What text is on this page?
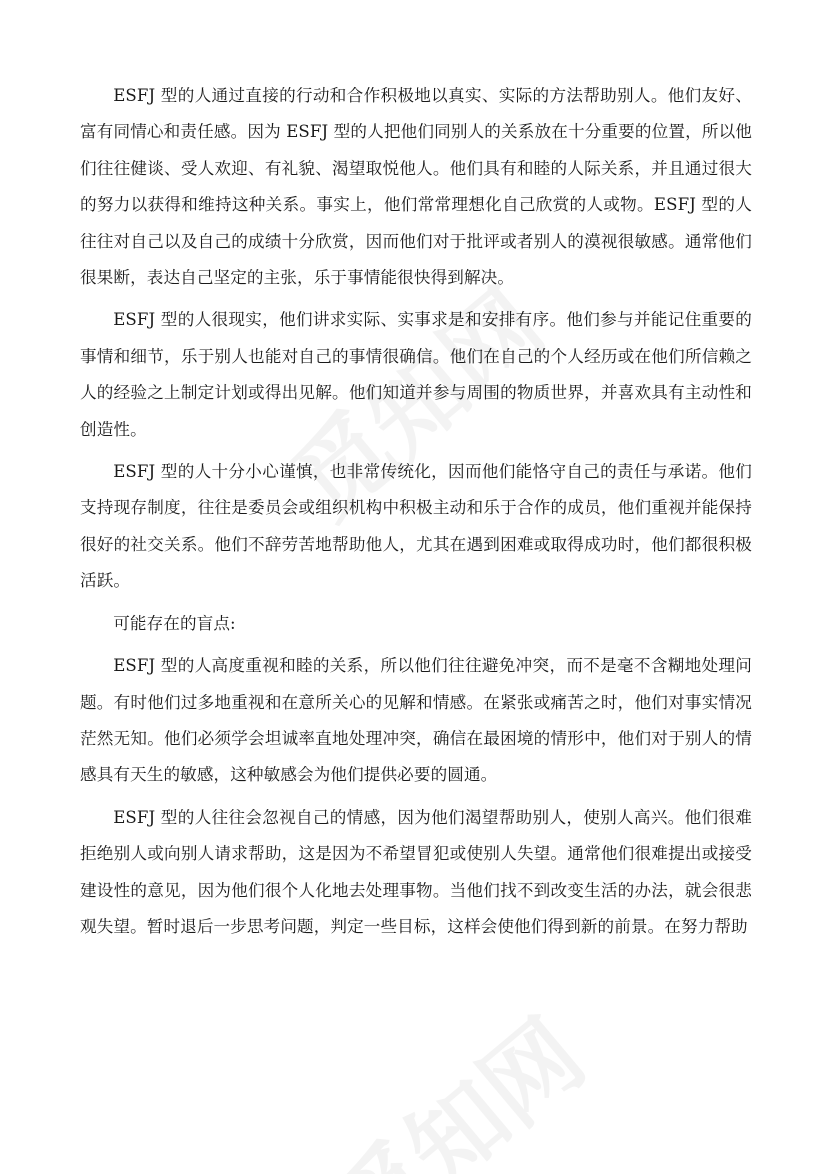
ESFJ 型的人通过直接的行动和合作积极地以真实、实际的方法帮助别人。他们友好、富有同情心和责任感。因为 ESFJ 型的人把他们同别人的关系放在十分重要的位置，所以他们往往健谈、受人欢迎、有礼貌、渴望取悦他人。他们具有和睦的人际关系，并且通过很大的努力以获得和维持这种关系。事实上，他们常常理想化自己欣赏的人或物。ESFJ 型的人往往对自己以及自己的成绩十分欣赏，因而他们对于批评或者别人的漠视很敏感。通常他们很果断，表达自己坚定的主张，乐于事情能很快得到解决。

ESFJ 型的人很现实，他们讲求实际、实事求是和安排有序。他们参与并能记住重要的事情和细节，乐于别人也能对自己的事情很确信。他们在自己的个人经历或在他们所信赖之人的经验之上制定计划或得出见解。他们知道并参与周围的物质世界，并喜欢具有主动性和创造性。

ESFJ 型的人十分小心谨慎，也非常传统化，因而他们能恪守自己的责任与承诺。他们支持现存制度，往往是委员会或组织机构中积极主动和乐于合作的成员，他们重视并能保持很好的社交关系。他们不辞劳苦地帮助他人，尤其在遇到困难或取得成功时，他们都很积极活跃。

可能存在的盲点:

ESFJ 型的人高度重视和睦的关系，所以他们往往避免冲突，而不是毫不含糊地处理问题。有时他们过多地重视和在意所关心的见解和情感。在紧张或痛苦之时，他们对事实情况茫然无知。他们必须学会坦诚率直地处理冲突，确信在最困境的情形中，他们对于别人的情感具有天生的敏感，这种敏感会为他们提供必要的圆通。

ESFJ 型的人往往会忽视自己的情感，因为他们渴望帮助别人，使别人高兴。他们很难拒绝别人或向别人请求帮助，这是因为不希望冒犯或使别人失望。通常他们很难提出或接受建设性的意见，因为他们很个人化地去处理事物。当他们找不到改变生活的办法，就会很悲观失望。暂时退后一步思考问题，判定一些目标，这样会使他们得到新的前景。在努力帮助
